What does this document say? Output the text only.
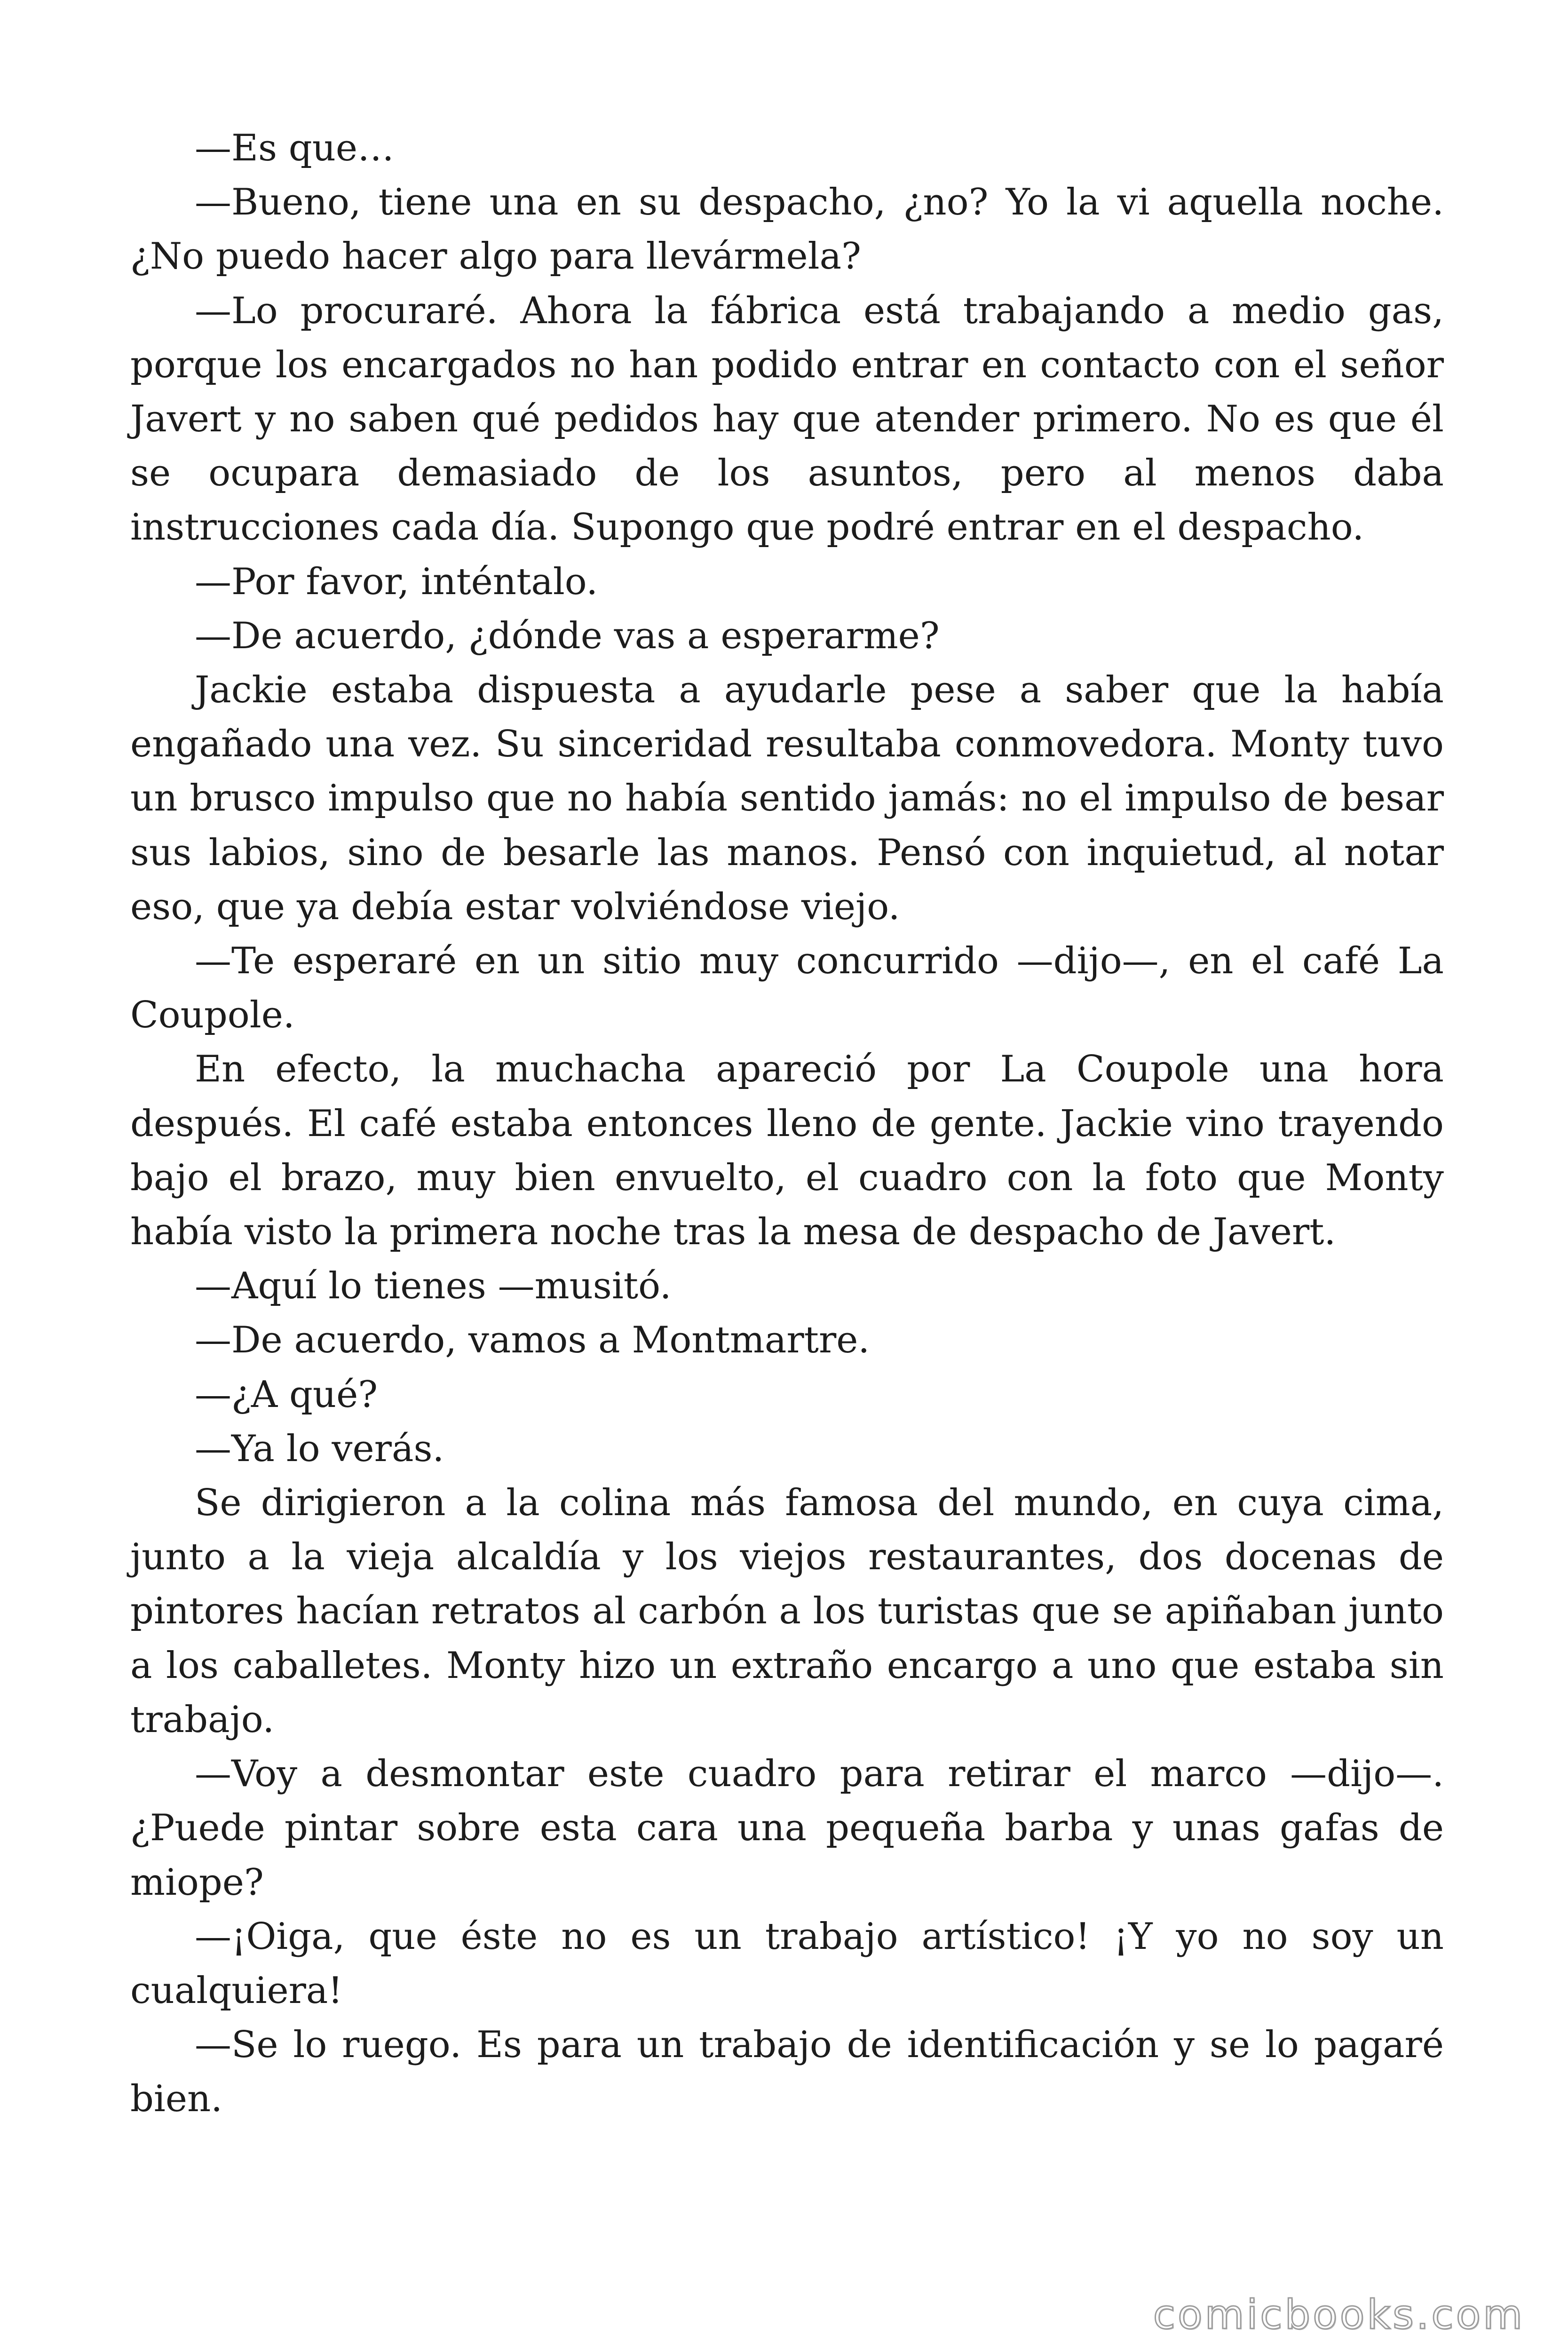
—Es que…

—Bueno, tiene una en su despacho, ¿no? Yo la vi aquella noche. ¿No puedo hacer algo para llevármela?

—Lo procuraré. Ahora la fábrica está trabajando a medio gas, porque los encargados no han podido entrar en contacto con el señor Javert y no saben qué pedidos hay que atender primero. No es que él se ocupara demasiado de los asuntos, pero al menos daba instrucciones cada día. Supongo que podré entrar en el despacho.

—Por favor, inténtalo.

—De acuerdo, ¿dónde vas a esperarme?

Jackie estaba dispuesta a ayudarle pese a saber que la había engañado una vez. Su sinceridad resultaba conmovedora. Monty tuvo un brusco impulso que no había sentido jamás: no el impulso de besar sus labios, sino de besarle las manos. Pensó con inquietud, al notar eso, que ya debía estar volviéndose viejo.

—Te esperaré en un sitio muy concurrido —dijo—, en el café La Coupole.

En efecto, la muchacha apareció por La Coupole una hora después. El café estaba entonces lleno de gente. Jackie vino trayendo bajo el brazo, muy bien envuelto, el cuadro con la foto que Monty había visto la primera noche tras la mesa de despacho de Javert.

—Aquí lo tienes —musitó.

—De acuerdo, vamos a Montmartre.

—¿A qué?

—Ya lo verás.

Se dirigieron a la colina más famosa del mundo, en cuya cima, junto a la vieja alcaldía y los viejos restaurantes, dos docenas de pintores hacían retratos al carbón a los turistas que se apiñaban junto a los caballetes. Monty hizo un extraño encargo a uno que estaba sin trabajo.

—Voy a desmontar este cuadro para retirar el marco —dijo—. ¿Puede pintar sobre esta cara una pequeña barba y unas gafas de miope?

—¡Oiga, que éste no es un trabajo artístico! ¡Y yo no soy un cualquiera!

—Se lo ruego. Es para un trabajo de identificación y se lo pagaré bien.

comicbooks.com
